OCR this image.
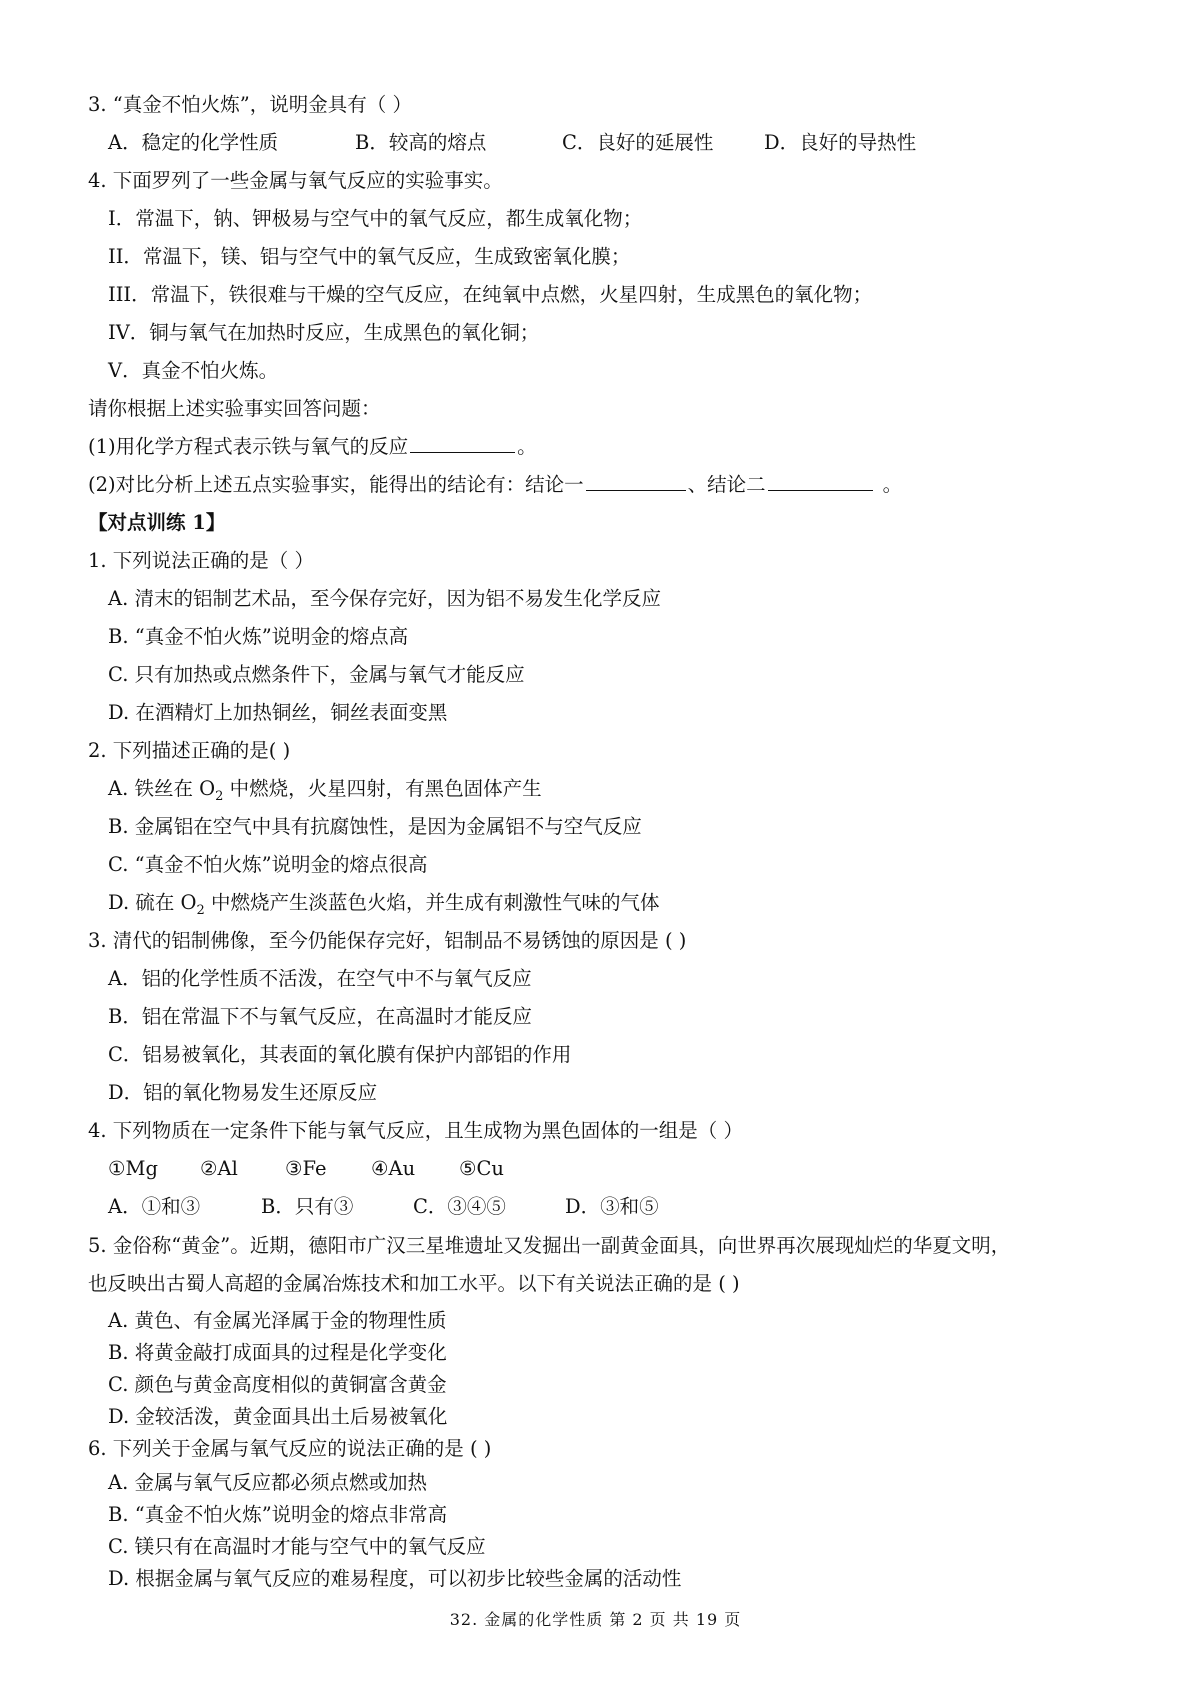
3. “真金不怕火炼”，说明金具有（ ）
A．稳定的化学性质	B．较高的熔点	C．良好的延展性	D．良好的导热性
4. 下面罗列了一些金属与氧气反应的实验事实。
I．常温下，钠、钾极易与空气中的氧气反应，都生成氧化物；
II．常温下，镁、铝与空气中的氧气反应，生成致密氧化膜；
III．常温下，铁很难与干燥的空气反应，在纯氧中点燃，火星四射，生成黑色的氧化物；
IV．铜与氧气在加热时反应，生成黑色的氧化铜；
V．真金不怕火炼。
请你根据上述实验事实回答问题：
(1)用化学方程式表示铁与氧气的反应	。
(2)对比分析上述五点实验事实，能得出的结论有：结论一	、结论二	。
【对点训练 1】
1. 下列说法正确的是（ ）
A. 清末的铝制艺术品，至今保存完好，因为铝不易发生化学反应
B. “真金不怕火炼”说明金的熔点高
C. 只有加热或点燃条件下，金属与氧气才能反应
D. 在酒精灯上加热铜丝，铜丝表面变黑
2. 下列描述正确的是( )
A. 铁丝在 $O_2$ 中燃烧，火星四射，有黑色固体产生
B. 金属铝在空气中具有抗腐蚀性，是因为金属铝不与空气反应
C. “真金不怕火炼”说明金的熔点很高
D. 硫在 $O_2$ 中燃烧产生淡蓝色火焰，并生成有刺激性气味的气体
3. 清代的铝制佛像，至今仍能保存完好，铝制品不易锈蚀的原因是 ( )
A．铝的化学性质不活泼，在空气中不与氧气反应
B．铝在常温下不与氧气反应，在高温时才能反应
C．铝易被氧化，其表面的氧化膜有保护内部铝的作用
D．铝的氧化物易发生还原反应
4. 下列物质在一定条件下能与氧气反应，且生成物为黑色固体的一组是（ ）
①Mg ②Al ③Fe ④Au ⑤Cu
A．①和③	B．只有③	C．③④⑤	D．③和⑤
5. 金俗称“黄金”。近期，德阳市广汉三星堆遗址又发掘出一副黄金面具，向世界再次展现灿烂的华夏文明，
也反映出古蜀人高超的金属冶炼技术和加工水平。以下有关说法正确的是 ( )
A. 黄色、有金属光泽属于金的物理性质
B. 将黄金敲打成面具的过程是化学变化
C. 颜色与黄金高度相似的黄铜富含黄金
D. 金较活泼，黄金面具出土后易被氧化
6. 下列关于金属与氧气反应的说法正确的是 ( )
A. 金属与氧气反应都必须点燃或加热
B. “真金不怕火炼”说明金的熔点非常高
C. 镁只有在高温时才能与空气中的氧气反应
D. 根据金属与氧气反应的难易程度，可以初步比较些金属的活动性
32. 金属的化学性质 第 2 页 共 19 页
